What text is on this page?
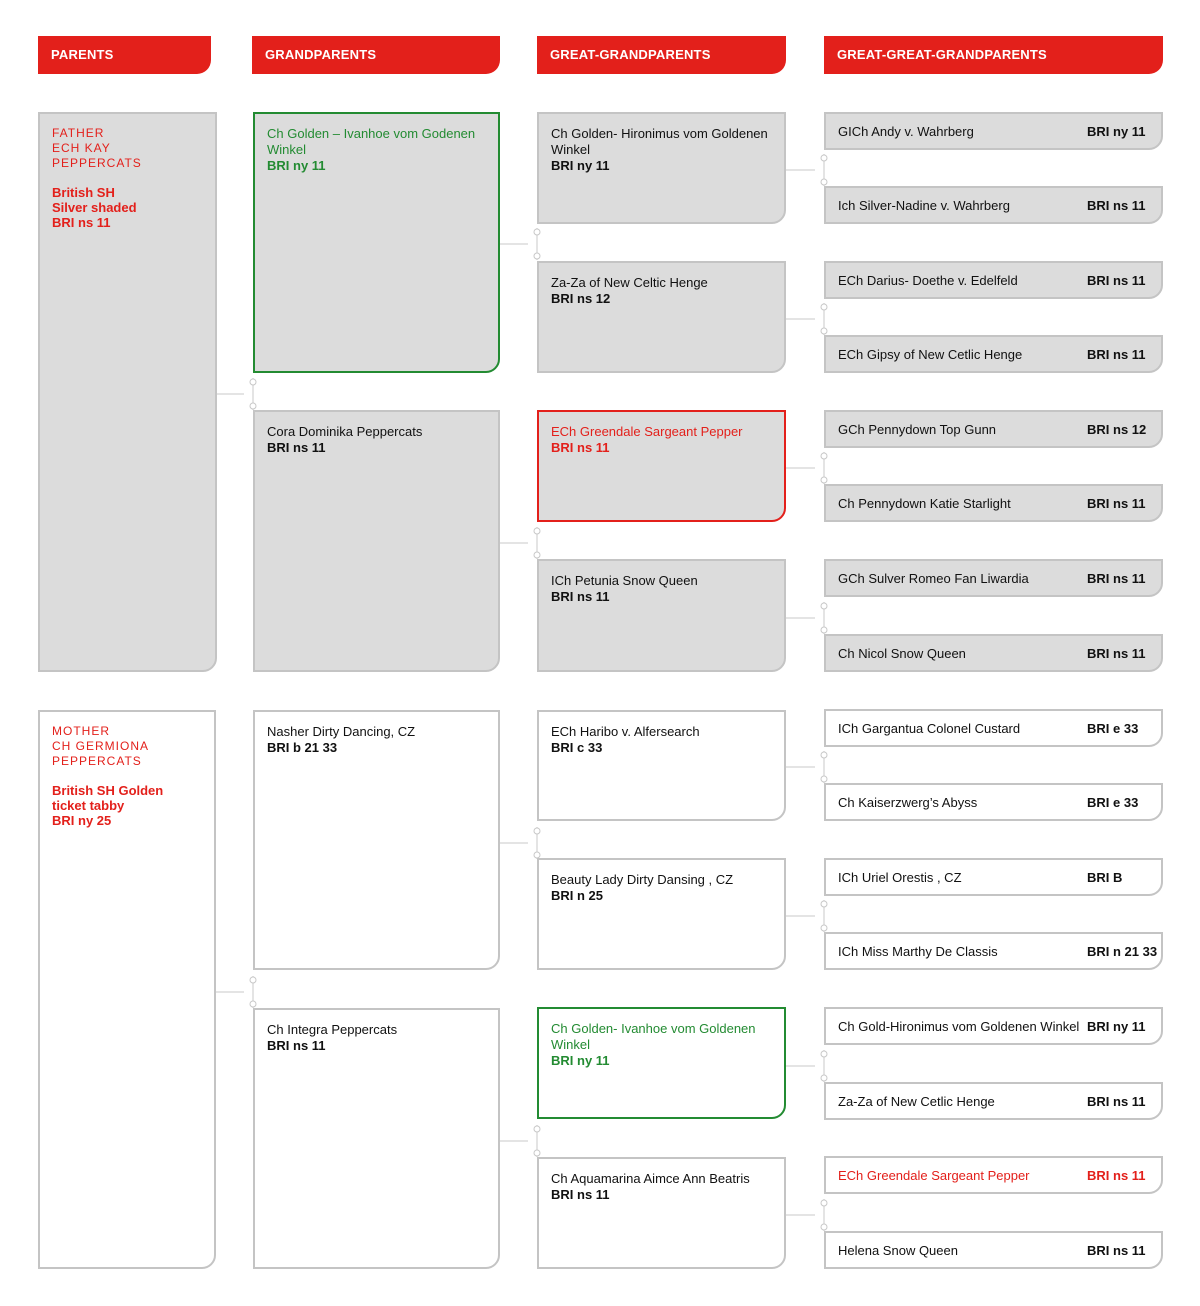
PARENTS	GRANDPARENTS	GREAT-GRANDPARENTS	GREAT-GREAT-GRANDPARENTS
FATHER
ECH KAY PEPPERCATS
British SH
Silver shaded
BRI ns 11
MOTHER
CH GERMIONA
PEPPERCATS
British SH Golden
ticket tabby
BRI ny 25
Ch Golden – Ivanhoe vom Godenen Winkel
BRI ny 11
Cora Dominika Peppercats
BRI ns 11
Nasher Dirty Dancing, CZ
BRI b 21 33
Ch Integra Peppercats
BRI ns 11
Ch Golden- Hironimus vom Goldenen Winkel
BRI ny 11
Za-Za of New Celtic Henge
BRI ns 12
ECh Greendale Sargeant Pepper
BRI ns 11
ICh Petunia Snow Queen
BRI ns 11
ECh Haribo v. Alfersearch
BRI c 33
Beauty Lady Dirty Dansing , CZ
BRI n 25
Ch Golden- Ivanhoe vom Goldenen Winkel
BRI ny 11
Ch Aquamarina Aimce Ann Beatris
BRI ns 11
GICh Andy v. Wahrberg	BRI ny 11
Ich Silver-Nadine v. Wahrberg	BRI ns 11
ECh Darius- Doethe v. Edelfeld	BRI ns 11
ECh Gipsy of New Cetlic Henge	BRI ns 11
GCh Pennydown Top Gunn	BRI ns 12
Ch Pennydown Katie Starlight	BRI ns 11
GCh Sulver Romeo Fan Liwardia	BRI ns 11
Ch Nicol Snow Queen	BRI ns 11
ICh Gargantua Colonel Custard	BRI e 33
Ch Kaiserzwerg’s Abyss	BRI e 33
ICh Uriel Orestis , CZ	BRI B
ICh Miss Marthy De Classis	BRI n 21 33
Ch Gold-Hironimus vom Goldenen Winkel BRI ny 11
Za-Za of New Cetlic Henge	BRI ns 11
ECh Greendale Sargeant Pepper	BRI ns 11
Helena Snow Queen	BRI ns 11
